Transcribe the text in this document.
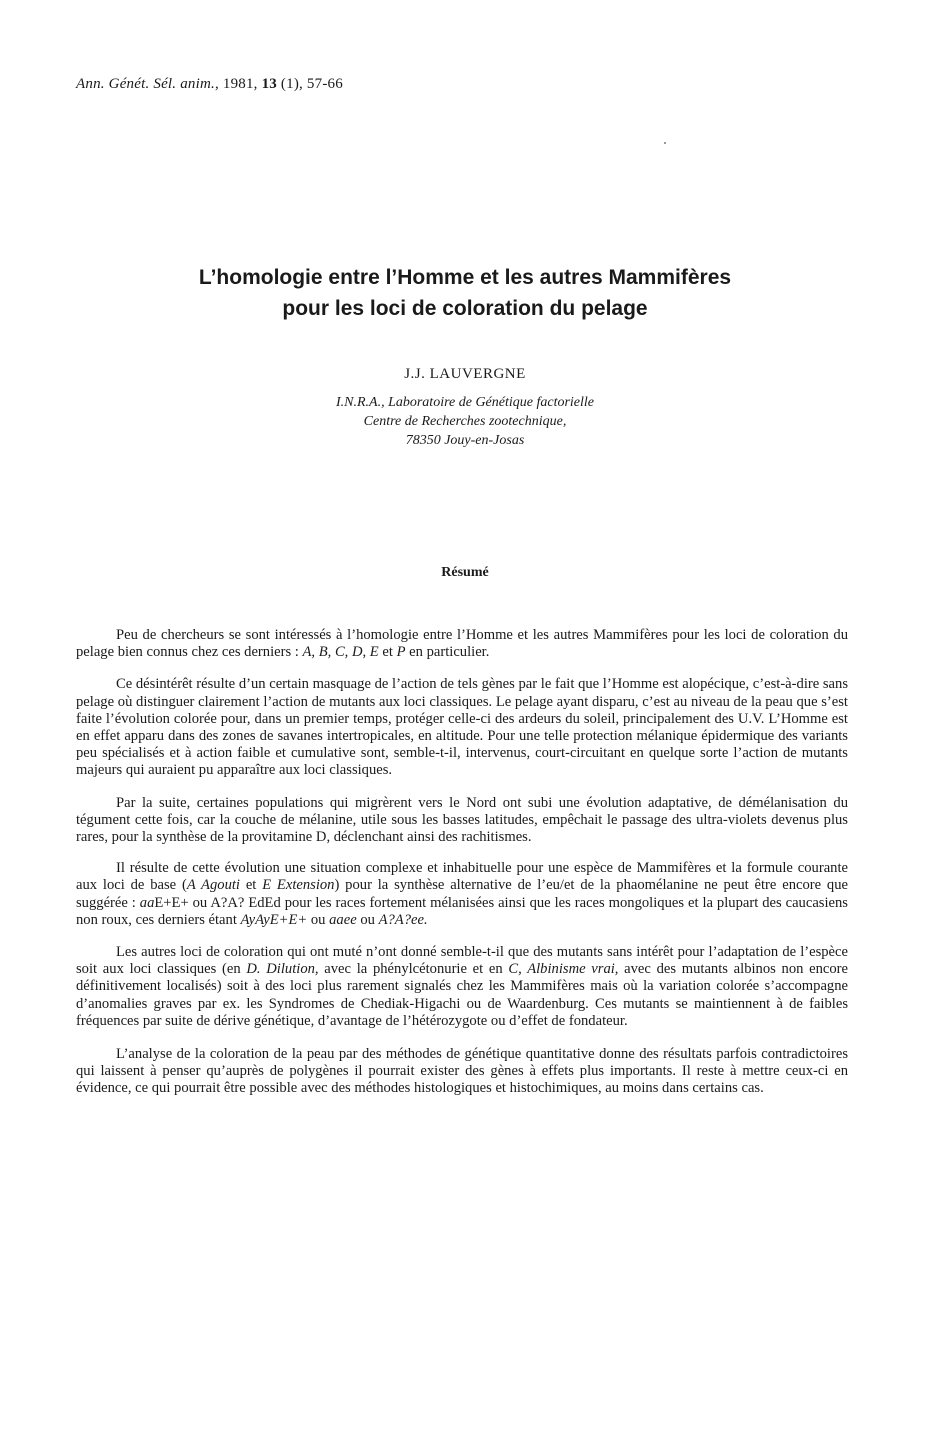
Ann. Génét. Sél. anim., 1981, 13 (1), 57-66
L’homologie entre l’Homme et les autres Mammifères
pour les loci de coloration du pelage
J.J. LAUVERGNE
I.N.R.A., Laboratoire de Génétique factorielle
Centre de Recherches zootechnique,
78350 Jouy-en-Josas
Résumé

Peu de chercheurs se sont intéressés à l’homologie entre l’Homme et les autres Mammifères pour les loci de coloration du pelage bien connus chez ces derniers : A, B, C, D, E et P en particulier.

Ce désintérêt résulte d’un certain masquage de l’action de tels gènes par le fait que l’Homme est alopécique, c’est-à-dire sans pelage où distinguer clairement l’action de mutants aux loci classiques. Le pelage ayant disparu, c’est au niveau de la peau que s’est faite l’évolution colorée pour, dans un premier temps, protéger celle-ci des ardeurs du soleil, principalement des U.V. L’Homme est en effet apparu dans des zones de savanes intertropicales, en altitude. Pour une telle protection mélanique épidermique des variants peu spécialisés et à action faible et cumulative sont, semble-t-il, intervenus, court-circuitant en quelque sorte l’action de mutants majeurs qui auraient pu apparaître aux loci classiques.

Par la suite, certaines populations qui migrèrent vers le Nord ont subi une évolution adaptative, de démélanisation du tégument cette fois, car la couche de mélanine, utile sous les basses latitudes, empêchait le passage des ultra-violets devenus plus rares, pour la synthèse de la provitamine D, déclenchant ainsi des rachitismes.

Il résulte de cette évolution une situation complexe et inhabituelle pour une espèce de Mammifères et la formule courante aux loci de base (A Agouti et E Extension) pour la synthèse alternative de l’eu/et de la phaomélanine ne peut être encore que suggérée : aaE+E+ ou A?A? EdEd pour les races fortement mélanisées ainsi que les races mongoliques et la plupart des caucasiens non roux, ces derniers étant AyAyE+E+ ou aaee ou A?A?ee.

Les autres loci de coloration qui ont muté n’ont donné semble-t-il que des mutants sans intérêt pour l’adaptation de l’espèce soit aux loci classiques (en D. Dilution, avec la phénylcétonurie et en C, Albinisme vrai, avec des mutants albinos non encore définitivement localisés) soit à des loci plus rarement signalés chez les Mammifères mais où la variation colorée s’accompagne d’anomalies graves par ex. les Syndromes de Chediak-Higachi ou de Waardenburg. Ces mutants se maintiennent à de faibles fréquences par suite de dérive génétique, d’avantage de l’hétérozygote ou d’effet de fondateur.

L’analyse de la coloration de la peau par des méthodes de génétique quantitative donne des résultats parfois contradictoires qui laissent à penser qu’auprès de polygènes il pourrait exister des gènes à effets plus importants. Il reste à mettre ceux-ci en évidence, ce qui pourrait être possible avec des méthodes histologiques et histochimiques, au moins dans certains cas.
